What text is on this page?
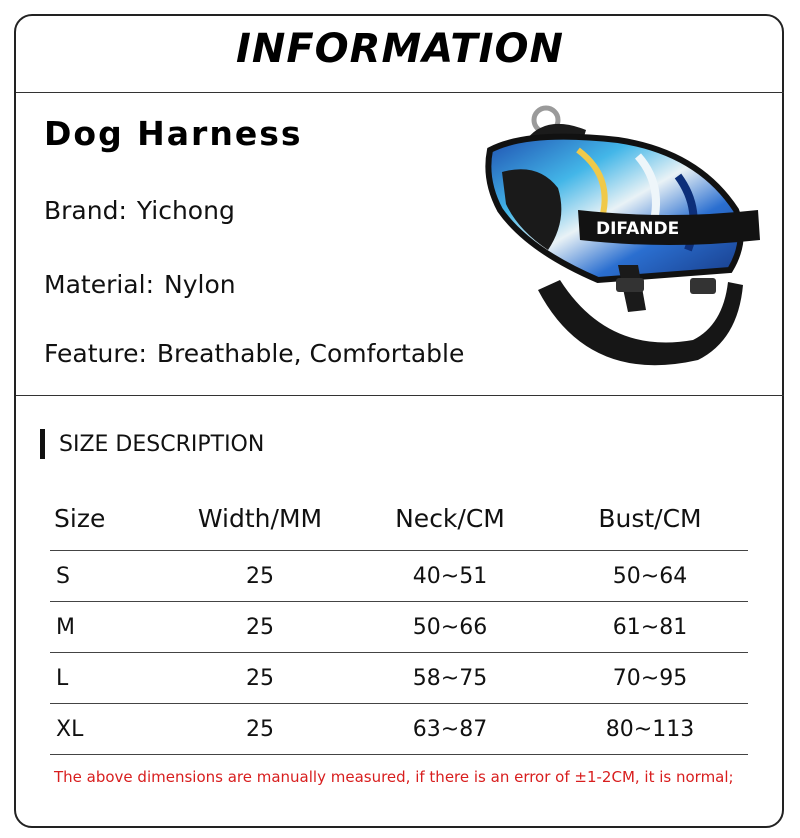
INFORMATION
Dog Harness
Brand: Yichong
Material: Nylon
Feature: Breathable, Comfortable
DIFANDE
SIZE DESCRIPTION
Size	Width/MM	Neck/CM	Bust/CM
S	25	40~51	50~64
M	25	50~66	61~81
L	25	58~75	70~95
XL	25	63~87	80~113
The above dimensions are manually measured, if there is an error of ±1-2CM, it is normal;
